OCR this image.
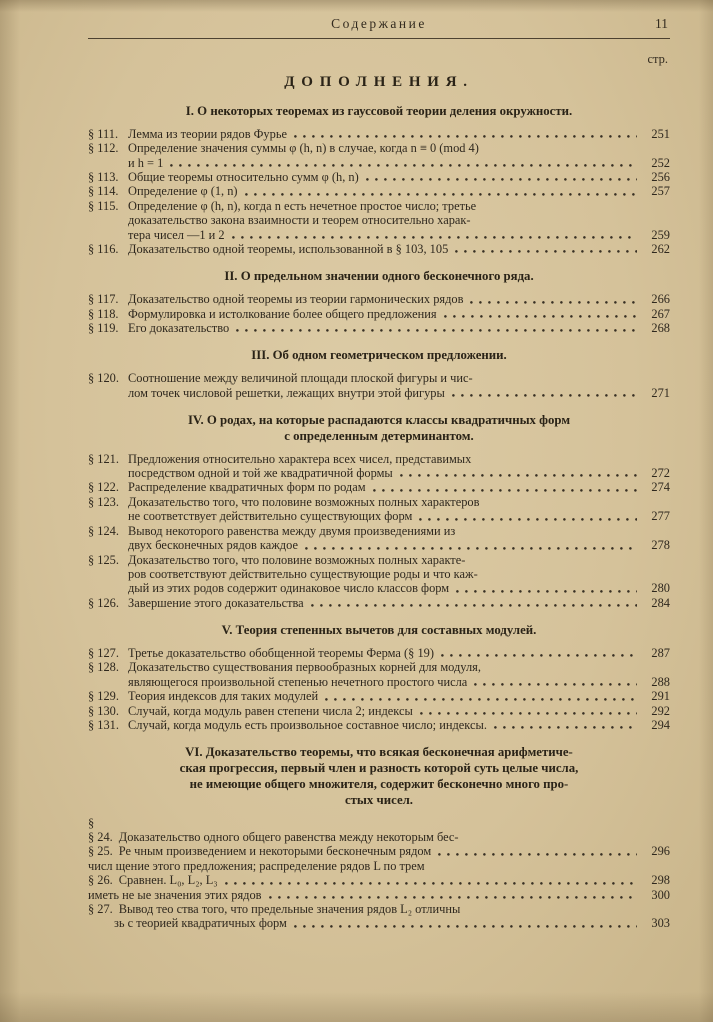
Содержание	11
стр.
ДОПОЛНЕНИЯ.
I. О некоторых теоремах из гауссовой теории деления окружности.
§ 111. Лемма из теории рядов Фурье	251
§ 112. Определение значения суммы φ (h, n) в случае, когда n ≡ 0 (mod 4)
и h = 1	252
§ 113. Общие теоремы относительно сумм φ (h, n)	256
§ 114. Определение φ (1, n)	257
§ 115. Определение φ (h, n), когда n есть нечетное простое число; третье
доказательство закона взаимности и теорем относительно харак-
тера чисел —1 и 2	259
§ 116. Доказательство одной теоремы, использованной в § 103, 105	262
II. О предельном значении одного бесконечного ряда.
§ 117. Доказательство одной теоремы из теории гармонических рядов	266
§ 118. Формулировка и истолкование более общего предложения	267
§ 119. Его доказательство	268
III. Об одном геометрическом предложении.
§ 120. Соотношение между величиной площади плоской фигуры и чис-
лом точек числовой решетки, лежащих внутри этой фигуры	271
IV. О родах, на которые распадаются классы квадратичных форм
с определенным детерминантом.
§ 121. Предложения относительно характера всех чисел, представимых
посредством одной и той же квадратичной формы	272
§ 122. Распределение квадратичных форм по родам	274
§ 123. Доказательство того, что половине возможных полных характеров
не соответствует действительно существующих форм	277
§ 124. Вывод некоторого равенства между двумя произведениями из
двух бесконечных рядов каждое	278
§ 125. Доказательство того, что половине возможных полных характе-
ров соответствуют действительно существующие роды и что каж-
дый из этих родов содержит одинаковое число классов форм	280
§ 126. Завершение этого доказательства	284
V. Теория степенных вычетов для составных модулей.
§ 127. Третье доказательство обобщенной теоремы Ферма (§ 19)	287
§ 128. Доказательство существования первообразных корней для модуля,
являющегося произвольной степенью нечетного простого числа	288
§ 129. Теория индексов для таких модулей	291
§ 130. Случай, когда модуль равен степени числа 2; индексы	292
§ 131. Случай, когда модуль есть произвольное составное число; индексы.	294
VI. Доказательство теоремы, что всякая бесконечная арифметиче-
ская прогрессия, первый член и разность которой суть целые числа,
не имеющие общего множителя, содержит бесконечно много про-
стых чисел.
§
§ 24. Доказательство одного общего равенства между некоторым бес-
§ 25. Ре чным произведением и некоторыми бесконечным рядом	296
числ щение этого предложения; распределение рядов L по трем
§ 26. Сравнен. L₀, L₂, L₃	298
иметь не ые значения этих рядов	300
§ 27. Вывод тео ства того, что предельные значения рядов L₂ отличны
зь с теорией квадратичных форм	303
